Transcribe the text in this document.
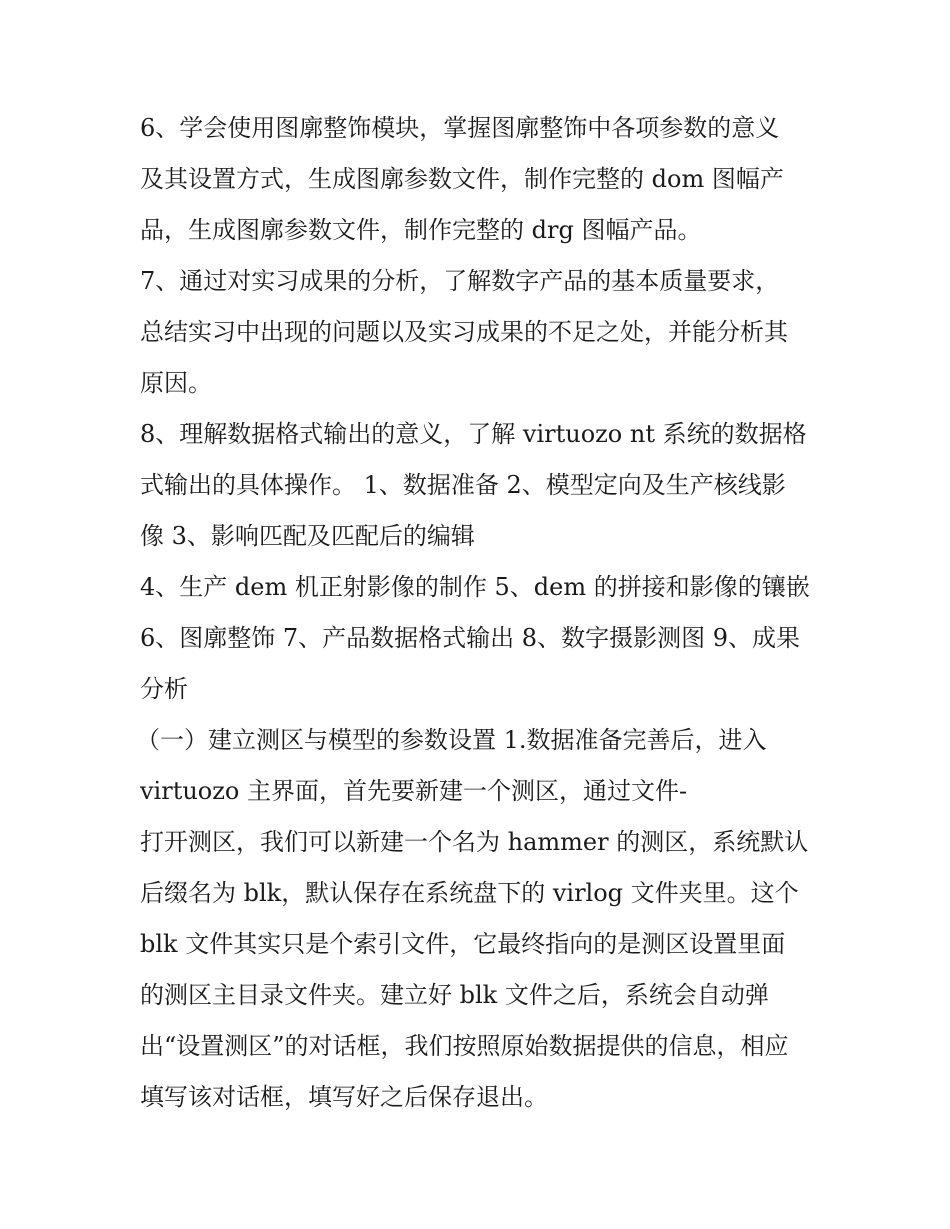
6、学会使用图廓整饰模块，掌握图廓整饰中各项参数的意义
及其设置方式，生成图廓参数文件，制作完整的 dom 图幅产
品，生成图廓参数文件，制作完整的 drg 图幅产品。
7、通过对实习成果的分析，了解数字产品的基本质量要求，
总结实习中出现的问题以及实习成果的不足之处，并能分析其
原因。
8、理解数据格式输出的意义，了解 virtuozo nt 系统的数据格
式输出的具体操作。 1、数据准备 2、模型定向及生产核线影
像 3、影响匹配及匹配后的编辑
4、生产 dem 机正射影像的制作 5、dem 的拼接和影像的镶嵌
6、图廓整饰 7、产品数据格式输出 8、数字摄影测图 9、成果
分析
（一）建立测区与模型的参数设置 1.数据准备完善后，进入
virtuozo 主界面，首先要新建一个测区，通过文件-
打开测区，我们可以新建一个名为 hammer 的测区，系统默认
后缀名为 blk，默认保存在系统盘下的 virlog 文件夹里。这个
blk 文件其实只是个索引文件，它最终指向的是测区设置里面
的测区主目录文件夹。建立好 blk 文件之后，系统会自动弹
出“设置测区”的对话框，我们按照原始数据提供的信息，相应
填写该对话框，填写好之后保存退出。
